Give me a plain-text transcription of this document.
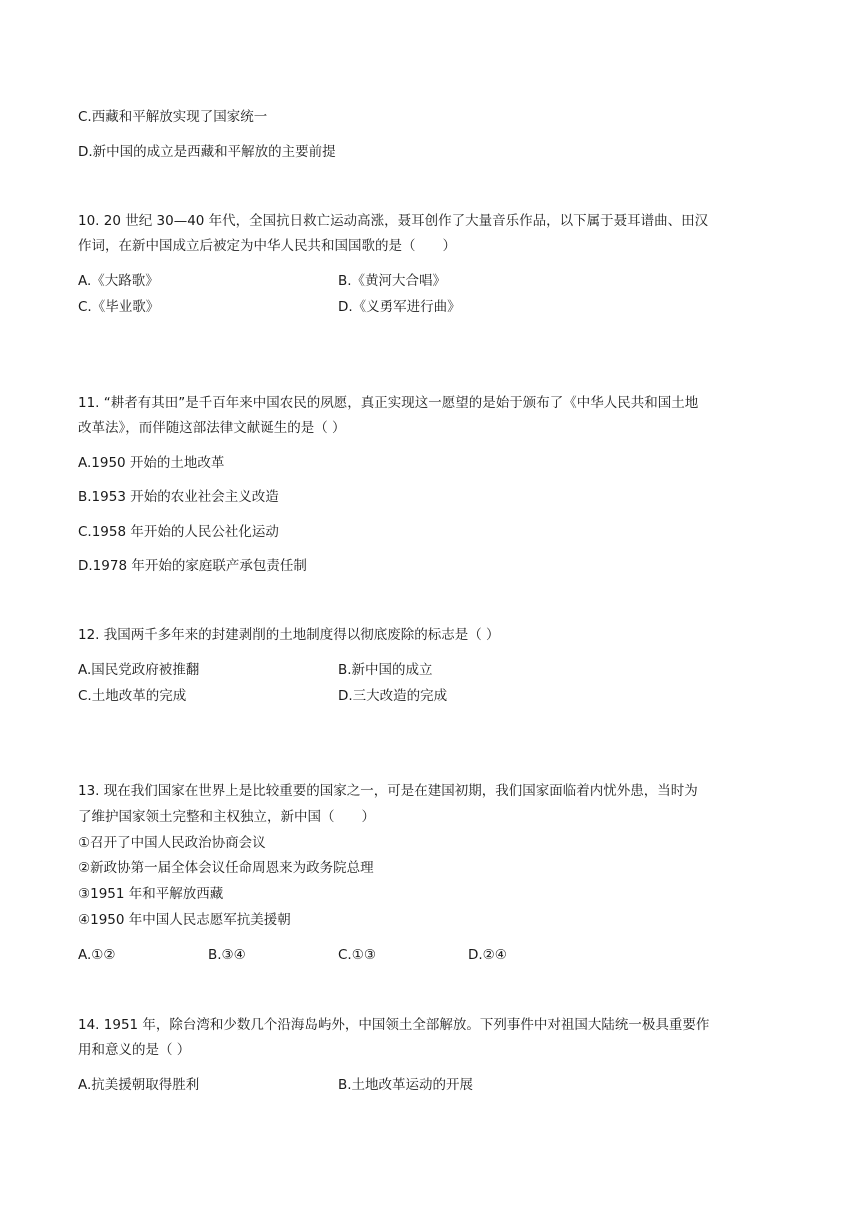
C.西藏和平解放实现了国家统一
D.新中国的成立是西藏和平解放的主要前提
10. 20 世纪 30—40 年代，全国抗日救亡运动高涨，聂耳创作了大量音乐作品，以下属于聂耳谱曲、田汉
作词，在新中国成立后被定为中华人民共和国国歌的是（　　）
A.《大路歌》	B.《黄河大合唱》
C.《毕业歌》	D.《义勇军进行曲》
11. “耕者有其田”是千百年来中国农民的夙愿，真正实现这一愿望的是始于颁布了《中华人民共和国土地
改革法》，而伴随这部法律文献诞生的是（ ）
A.1950 开始的土地改革
B.1953 开始的农业社会主义改造
C.1958 年开始的人民公社化运动
D.1978 年开始的家庭联产承包责任制
12. 我国两千多年来的封建剥削的土地制度得以彻底废除的标志是（ ）
A.国民党政府被推翻	B.新中国的成立
C.土地改革的完成	D.三大改造的完成
13. 现在我们国家在世界上是比较重要的国家之一，可是在建国初期，我们国家面临着内忧外患，当时为
了维护国家领土完整和主权独立，新中国（　　）
①召开了中国人民政治协商会议
②新政协第一届全体会议任命周恩来为政务院总理
③1951 年和平解放西藏
④1950 年中国人民志愿军抗美援朝
A.①②	B.③④	C.①③	D.②④
14. 1951 年，除台湾和少数几个沿海岛屿外，中国领土全部解放。下列事件中对祖国大陆统一极具重要作
用和意义的是（ ）
A.抗美援朝取得胜利	B.土地改革运动的开展
